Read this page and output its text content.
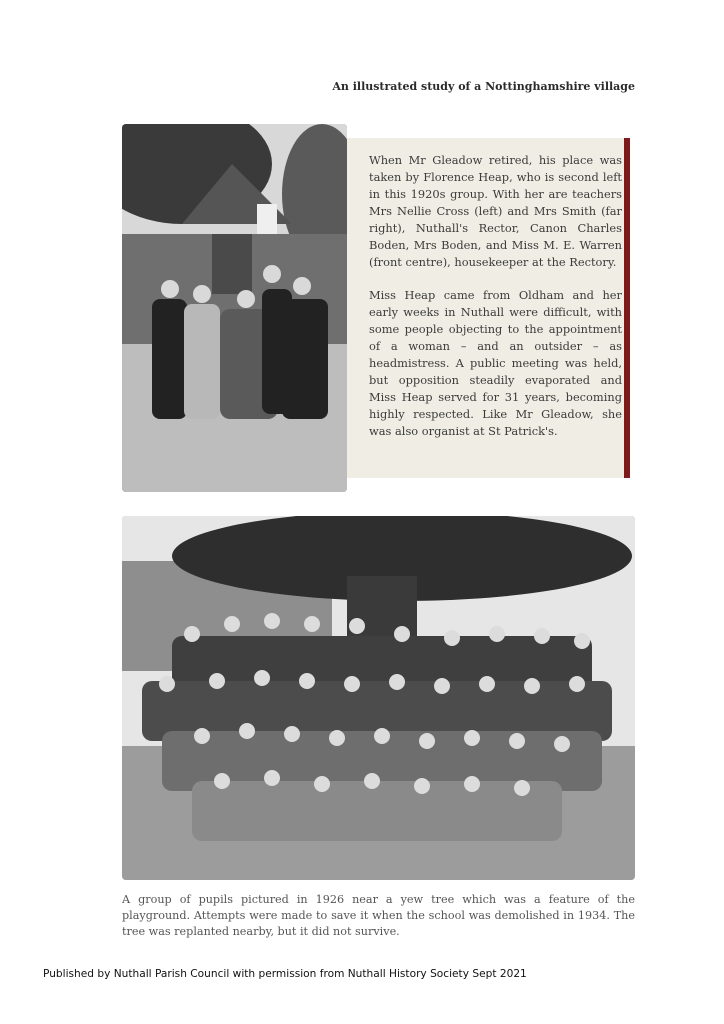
An illustrated study of a Nottinghamshire village

When Mr Gleadow retired, his place was taken by Florence Heap, who is second left in this 1920s group. With her are teachers Mrs Nellie Cross (left) and Mrs Smith (far right), Nuthall's Rector, Canon Charles Boden, Mrs Boden, and Miss M. E. Warren (front centre), housekeeper at the Rectory.

Miss Heap came from Oldham and her early weeks in Nuthall were difficult, with some people objecting to the appointment of a woman – and an outsider – as headmistress. A public meeting was held, but opposition steadily evaporated and Miss Heap served for 31 years, becoming highly respected. Like Mr Gleadow, she was also organist at St Patrick's.

A group of pupils pictured in 1926 near a yew tree which was a feature of the playground. Attempts were made to save it when the school was demolished in 1934. The tree was replanted nearby, but it did not survive.

Published by Nuthall Parish Council with permission from Nuthall History Society Sept 2021
